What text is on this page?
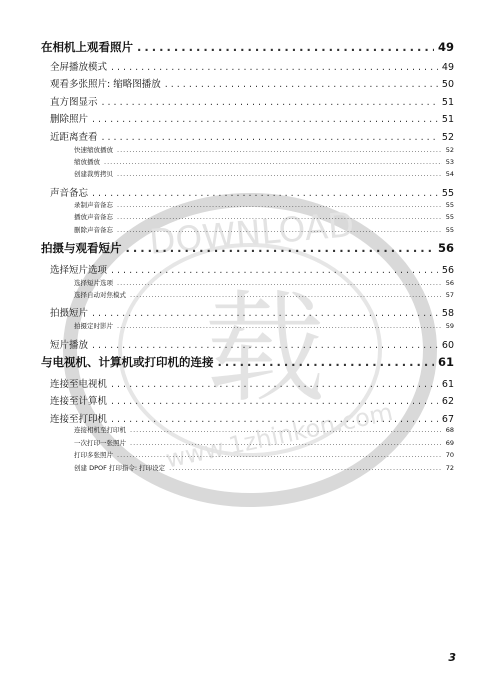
载
DOWNLOAD
www.1zhinkon.com
在相机上观看照片 .....	49
全屏播放模式 .....	49
观看多张照片: 缩略图播放 .....	50
直方图显示 .....	51
删除照片 .....	51
近距离查看 .....	52
快速缩放播放 .....	52
缩放播放 .....	53
创建裁剪拷贝 .....	54
声音备忘 .....	55
录制声音备忘 .....	55
播放声音备忘 .....	55
删除声音备忘 .....	55
拍摄与观看短片 .....	56
选择短片选项 .....	56
选择短片选项 .....	56
选择自动对焦模式 .....	57
拍摄短片 .....	58
拍摄定时影片 .....	59
短片播放 .....	60
与电视机、计算机或打印机的连接 .....	61
连接至电视机 .....	61
连接至计算机 .....	62
连接至打印机 .....	67
连接相机至打印机 .....	68
一次打印一张照片 .....	69
打印多张照片 .....	70
创建 DPOF 打印指令: 打印设定 .....	72
3
